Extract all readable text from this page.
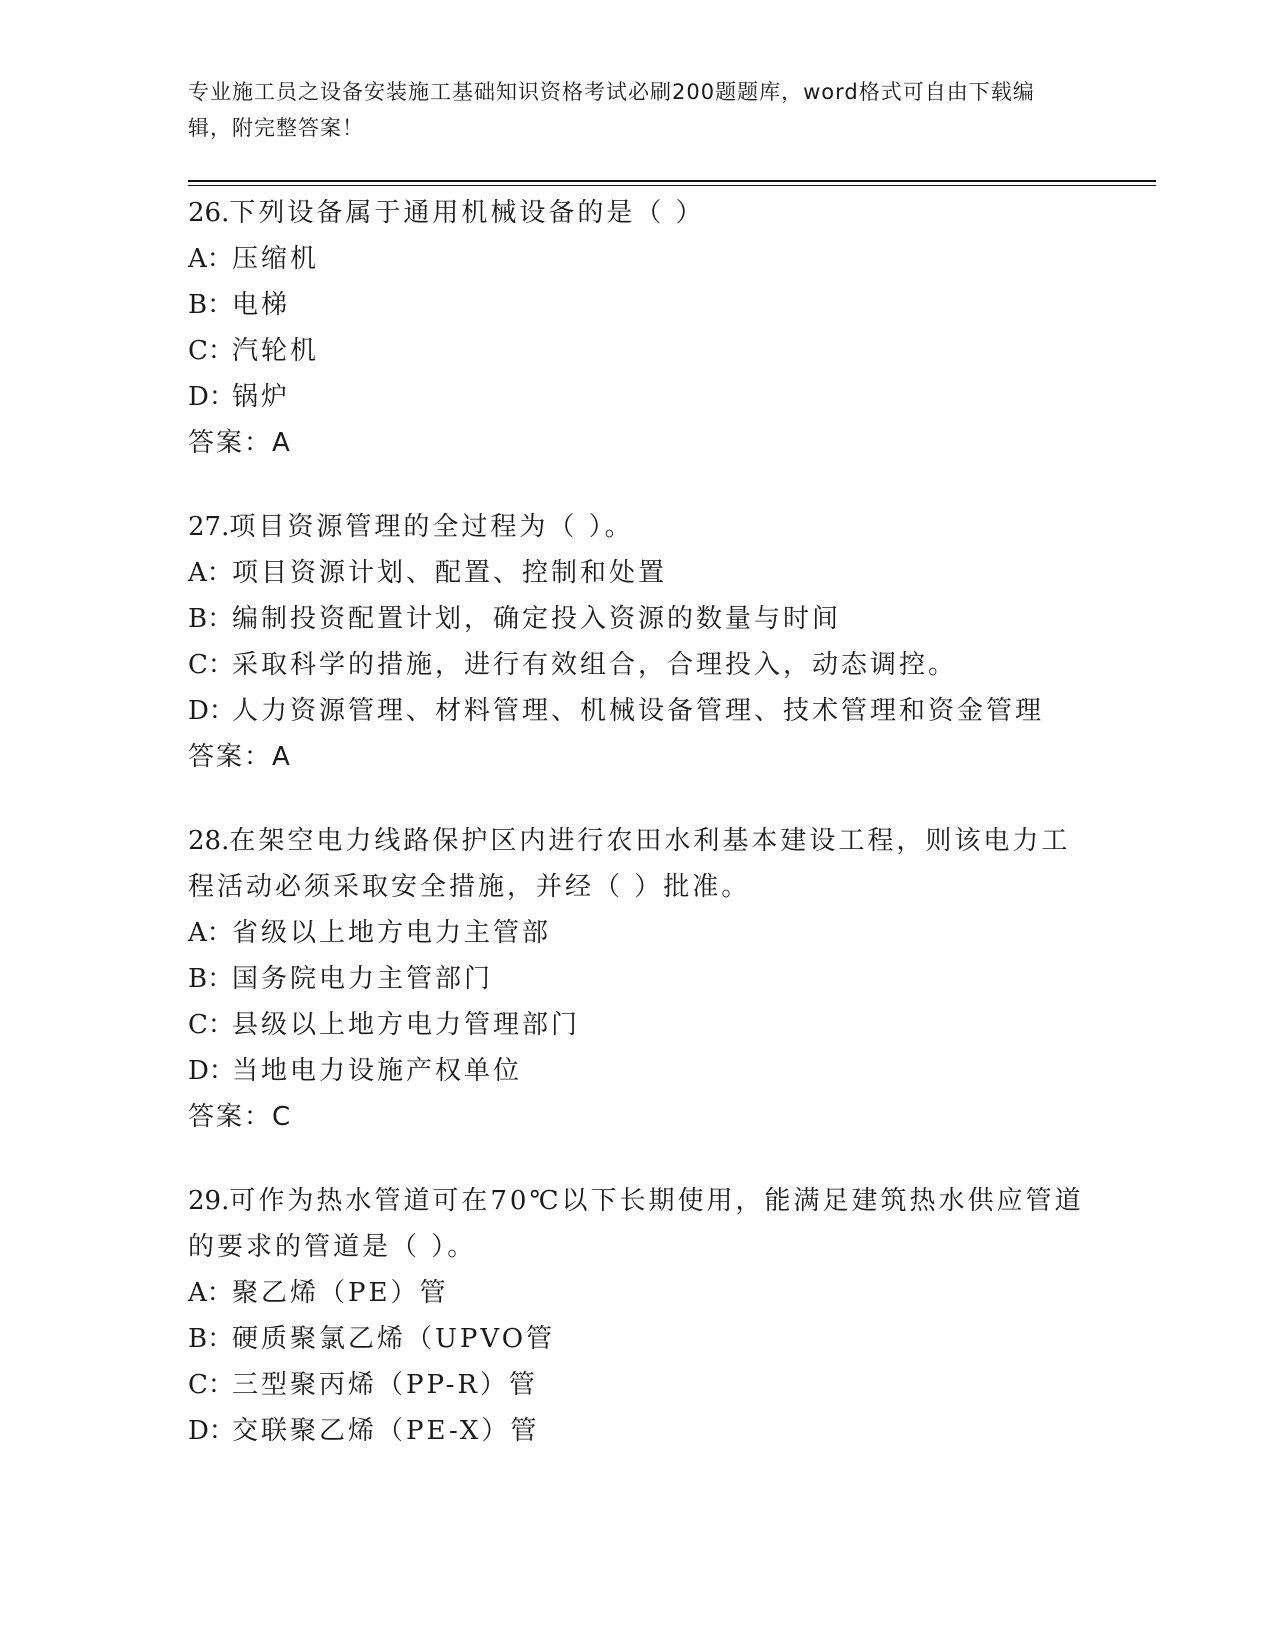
专业施工员之设备安装施工基础知识资格考试必刷200题题库，word格式可自由下载编辑，附完整答案！

26.下列设备属于通用机械设备的是（ ）

A：压缩机

B：电梯

C：汽轮机

D：锅炉

答案：A

27.项目资源管理的全过程为（ ）。

A：项目资源计划、配置、控制和处置

B：编制投资配置计划，确定投入资源的数量与时间

C：采取科学的措施，进行有效组合，合理投入，动态调控。

D：人力资源管理、材料管理、机械设备管理、技术管理和资金管理

答案：A

28.在架空电力线路保护区内进行农田水利基本建设工程，则该电力工程活动必须采取安全措施，并经（ ）批准。

A：省级以上地方电力主管部

B：国务院电力主管部门

C：县级以上地方电力管理部门

D：当地电力设施产权单位

答案：C

29.可作为热水管道可在70℃以下长期使用，能满足建筑热水供应管道的要求的管道是（ ）。

A：聚乙烯（PE）管

B：硬质聚氯乙烯（UPVO管

C：三型聚丙烯（PP-R）管

D：交联聚乙烯（PE-X）管
